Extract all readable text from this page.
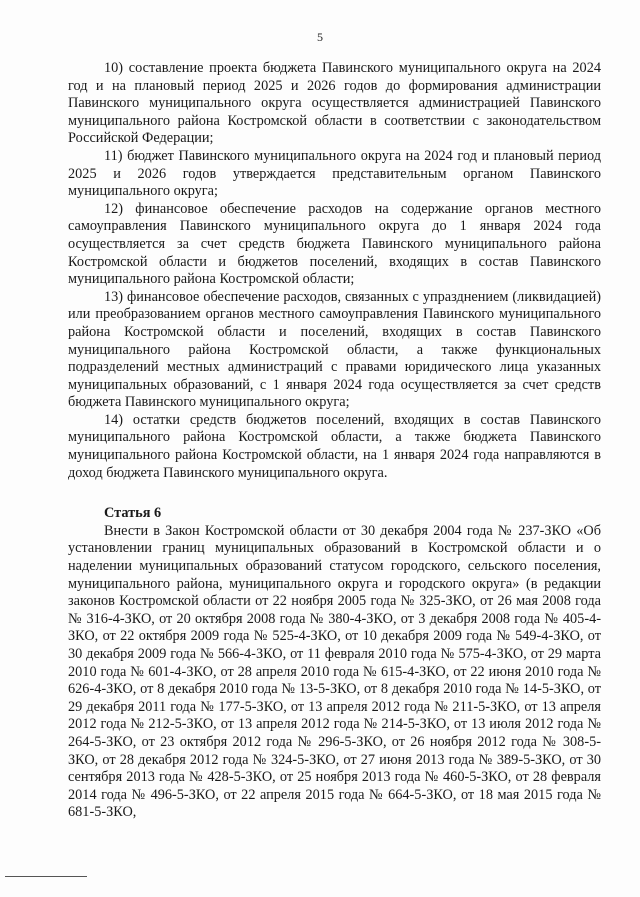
5

10) составление проекта бюджета Павинского муниципального округа на 2024 год и на плановый период 2025 и 2026 годов до формирования администрации Павинского муниципального округа осуществляется администрацией Павинского муниципального района Костромской области в соответствии с законодательством Российской Федерации;

11) бюджет Павинского муниципального округа на 2024 год и плановый период 2025 и 2026 годов утверждается представительным органом Павинского муниципального округа;

12) финансовое обеспечение расходов на содержание органов местного самоуправления Павинского муниципального округа до 1 января 2024 года осуществляется за счет средств бюджета Павинского муниципального района Костромской области и бюджетов поселений, входящих в состав Павинского муниципального района Костромской области;

13) финансовое обеспечение расходов, связанных с упразднением (ликвидацией) или преобразованием органов местного самоуправления Павинского муниципального района Костромской области и поселений, входящих в состав Павинского муниципального района Костромской области, а также функциональных подразделений местных администраций с правами юридического лица указанных муниципальных образований, с 1 января 2024 года осуществляется за счет средств бюджета Павинского муниципального округа;

14) остатки средств бюджетов поселений, входящих в состав Павинского муниципального района Костромской области, а также бюджета Павинского муниципального района Костромской области, на 1 января 2024 года направляются в доход бюджета Павинского муниципального округа.

Статья 6

Внести в Закон Костромской области от 30 декабря 2004 года № 237-ЗКО «Об установлении границ муниципальных образований в Костромской области и о наделении муниципальных образований статусом городского, сельского поселения, муниципального района, муниципального округа и городского округа» (в редакции законов Костромской области от 22 ноября 2005 года № 325-ЗКО, от 26 мая 2008 года № 316-4-ЗКО, от 20 октября 2008 года № 380-4-ЗКО, от 3 декабря 2008 года № 405-4-ЗКО, от 22 октября 2009 года № 525-4-ЗКО, от 10 декабря 2009 года № 549-4-ЗКО, от 30 декабря 2009 года № 566-4-ЗКО, от 11 февраля 2010 года № 575-4-ЗКО, от 29 марта 2010 года № 601-4-ЗКО, от 28 апреля 2010 года № 615-4-ЗКО, от 22 июня 2010 года № 626-4-ЗКО, от 8 декабря 2010 года № 13-5-ЗКО, от 8 декабря 2010 года № 14-5-ЗКО, от 29 декабря 2011 года № 177-5-ЗКО, от 13 апреля 2012 года № 211-5-ЗКО, от 13 апреля 2012 года № 212-5-ЗКО, от 13 апреля 2012 года № 214-5-ЗКО, от 13 июля 2012 года № 264-5-ЗКО, от 23 октября 2012 года № 296-5-ЗКО, от 26 ноября 2012 года № 308-5-ЗКО, от 28 декабря 2012 года № 324-5-ЗКО, от 27 июня 2013 года № 389-5-ЗКО, от 30 сентября 2013 года № 428-5-ЗКО, от 25 ноября 2013 года № 460-5-ЗКО, от 28 февраля 2014 года № 496-5-ЗКО, от 22 апреля 2015 года № 664-5-ЗКО, от 18 мая 2015 года № 681-5-ЗКО,
